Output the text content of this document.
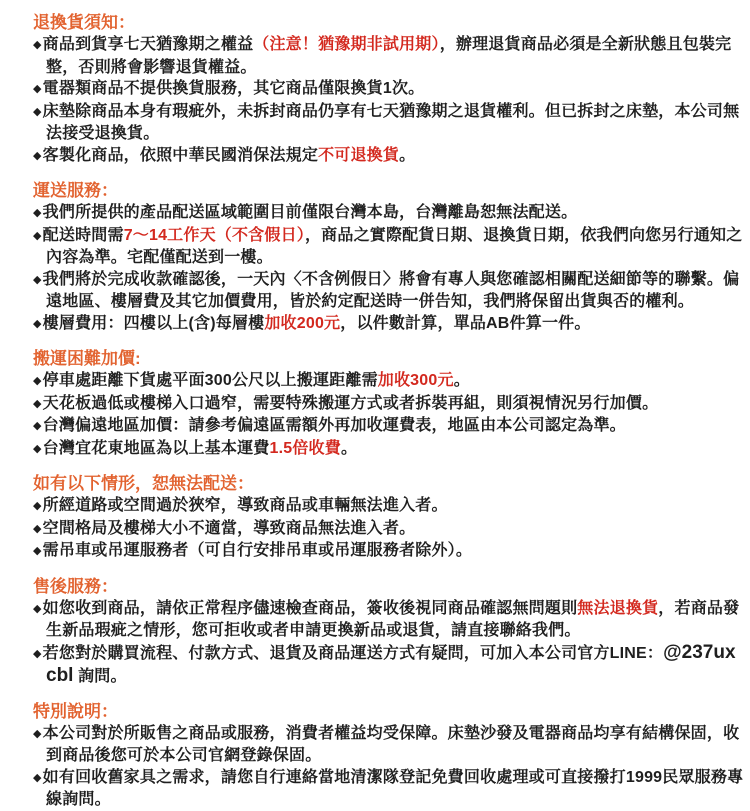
退換貨須知：

◆商品到貨享七天猶豫期之權益（注意！猶豫期非試用期），辦理退貨商品必須是全新狀態且包裝完整，否則將會影響退貨權益。

◆電器類商品不提供換貨服務，其它商品僅限換貨1次。

◆床墊除商品本身有瑕疵外，未拆封商品仍享有七天猶豫期之退貨權利。但已拆封之床墊，本公司無法接受退換貨。

◆客製化商品，依照中華民國消保法規定不可退換貨。

運送服務：

◆我們所提供的產品配送區域範圍目前僅限台灣本島，台灣離島恕無法配送。

◆配送時間需7～14工作天（不含假日），商品之實際配貨日期、退換貨日期，依我們向您另行通知之內容為準。宅配僅配送到一樓。

◆我們將於完成收款確認後，一天內〈不含例假日〉將會有專人與您確認相關配送細節等的聯繫。偏遠地區、樓層費及其它加價費用，皆於約定配送時一併告知，我們將保留出貨與否的權利。

◆樓層費用：四樓以上(含)每層樓加收200元，以件數計算，單品AB件算一件。

搬運困難加價:

◆停車處距離下貨處平面300公尺以上搬運距離需加收300元。

◆天花板過低或樓梯入口過窄，需要特殊搬運方式或者拆裝再組，則須視情況另行加價。

◆台灣偏遠地區加價：請參考偏遠區需額外再加收運費表，地區由本公司認定為準。

◆台灣宜花東地區為以上基本運費1.5倍收費。

如有以下情形，恕無法配送：

◆所經道路或空間過於狹窄，導致商品或車輛無法進入者。

◆空間格局及樓梯大小不適當，導致商品無法進入者。

◆需吊車或吊運服務者（可自行安排吊車或吊運服務者除外）。

售後服務：

◆如您收到商品，請依正常程序儘速檢查商品，簽收後視同商品確認無問題則無法退換貨，若商品發生新品瑕疵之情形，您可拒收或者申請更換新品或退貨，請直接聯絡我們。

◆若您對於購買流程、付款方式、退貨及商品運送方式有疑問，可加入本公司官方LINE：@237uxcbl 詢問。

特別說明：

◆本公司對於所販售之商品或服務，消費者權益均受保障。床墊沙發及電器商品均享有結構保固，收到商品後您可於本公司官網登錄保固。

◆如有回收舊家具之需求，請您自行連絡當地清潔隊登記免費回收處理或可直接撥打1999民眾服務專線詢問。
